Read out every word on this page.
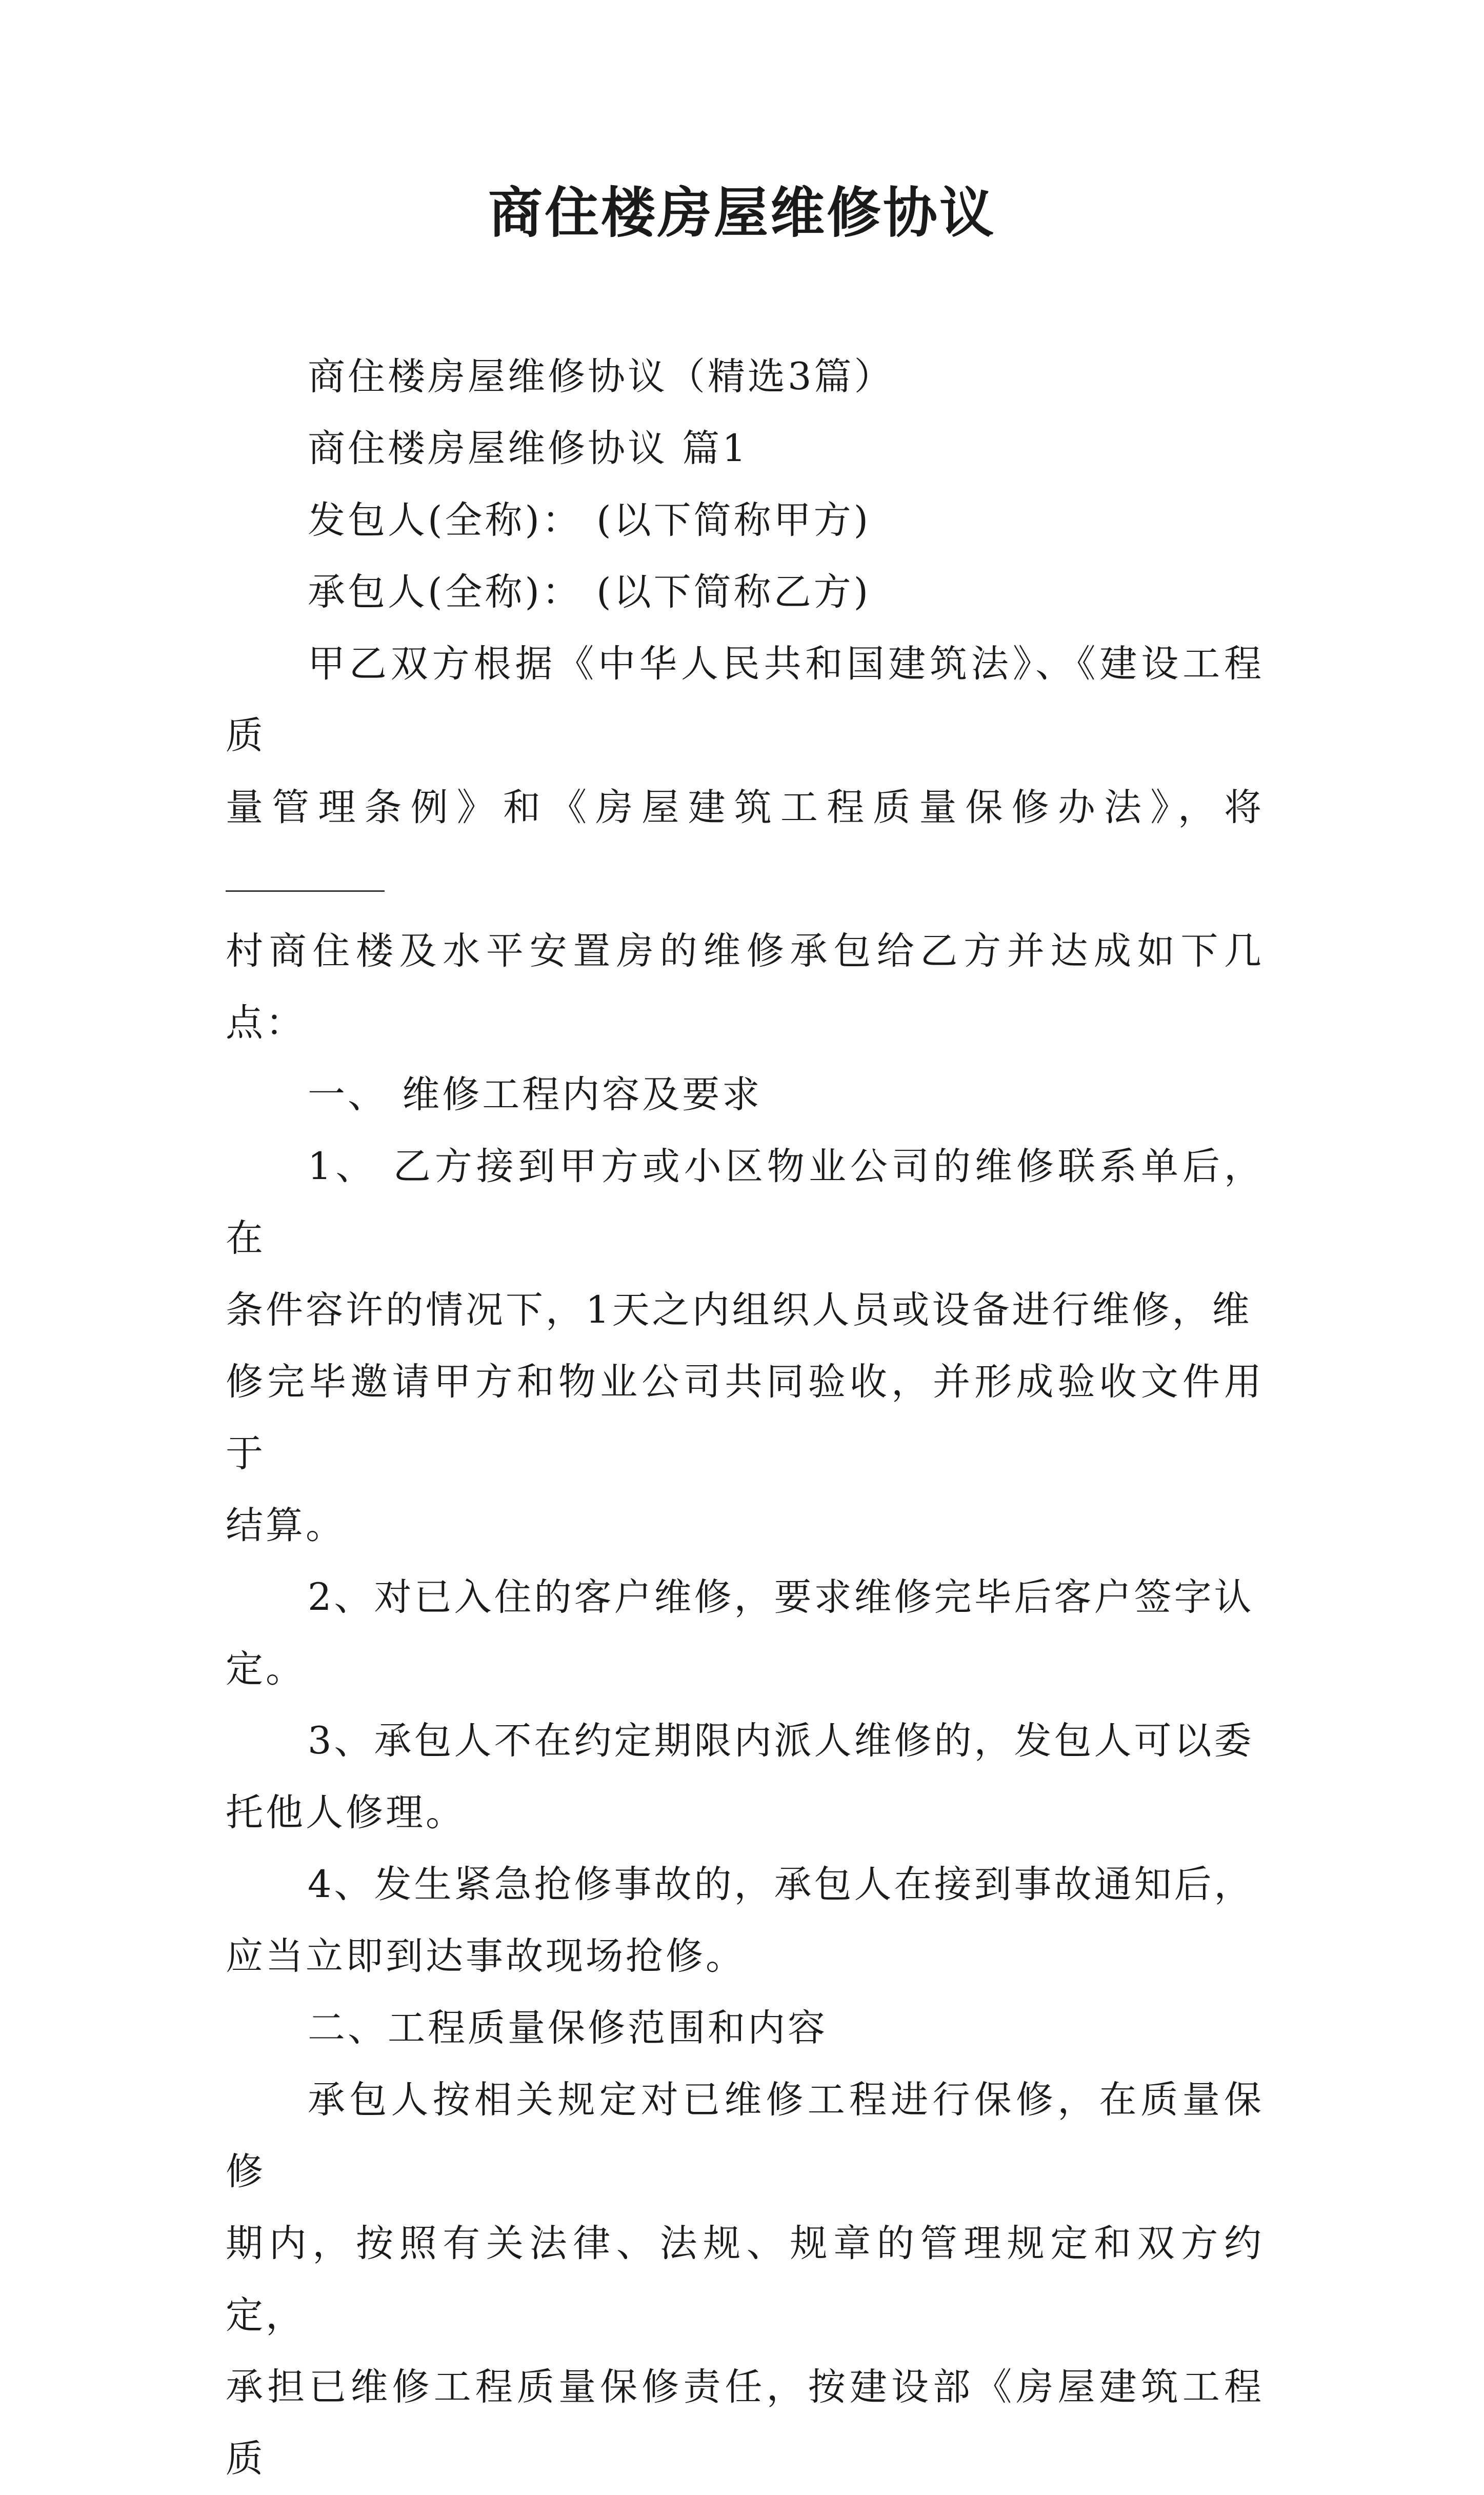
商住楼房屋维修协议

商住楼房屋维修协议（精选3篇）

商住楼房屋维修协议 篇1

发包人(全称)： (以下简称甲方)

承包人(全称)： (以下简称乙方)

甲乙双方根据《中华人民共和国建筑法》、《建设工程质

量管理条例》和《房屋建筑工程质量保修办法》，将
村商住楼及水平安置房的维修承包给乙方并达成如下几点：

一、 维修工程内容及要求

1、 乙方接到甲方或小区物业公司的维修联系单后，在
条件容许的情况下，1天之内组织人员或设备进行维修，维
修完毕邀请甲方和物业公司共同验收，并形成验收文件用于
结算。

2、对已入住的客户维修，要求维修完毕后客户签字认
定。

3、承包人不在约定期限内派人维修的，发包人可以委
托他人修理。

4、发生紧急抢修事故的，承包人在接到事故通知后，
应当立即到达事故现场抢修。

二、工程质量保修范围和内容

承包人按相关规定对已维修工程进行保修，在质量保修
期内，按照有关法律、法规、规章的管理规定和双方约定，
承担已维修工程质量保修责任，按建设部《房屋建筑工程质
